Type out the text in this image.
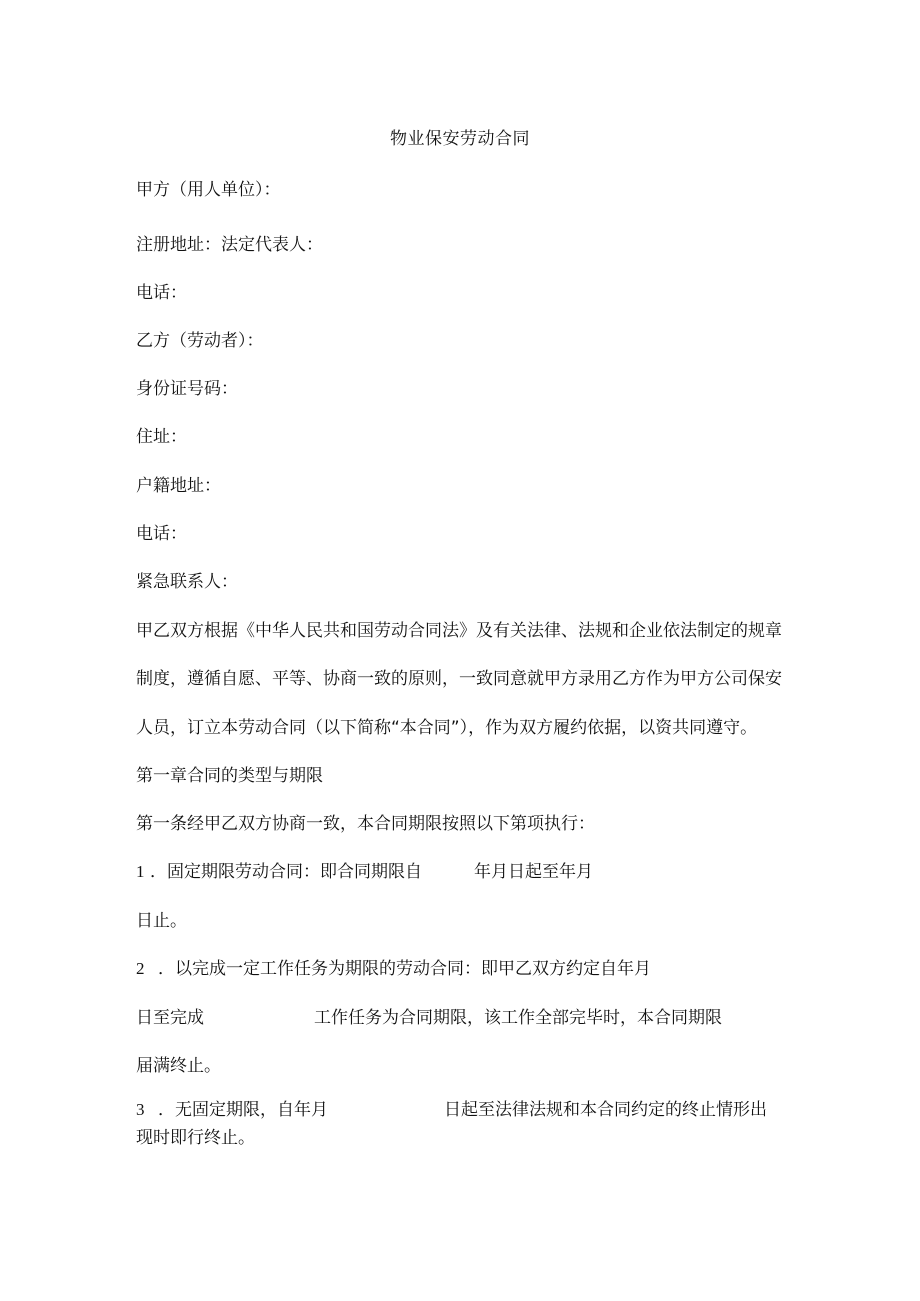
物业保安劳动合同
甲方（用人单位）：
注册地址：法定代表人：
电话：
乙方（劳动者）：
身份证号码：
住址：
户籍地址：
电话：
紧急联系人：
甲乙双方根据《中华人民共和国劳动合同法》及有关法律、法规和企业依法制定的规章
制度，遵循自愿、平等、协商一致的原则，一致同意就甲方录用乙方作为甲方公司保安
人员，订立本劳动合同（以下简称“本合同”），作为双方履约依据，以资共同遵守。
第一章合同的类型与期限
第一条经甲乙双方协商一致，本合同期限按照以下第项执行：
1 ．固定期限劳动合同：即合同期限自	年月日起至年月
日止。
2 ．以完成一定工作任务为期限的劳动合同：即甲乙双方约定自年月
日至完成	工作任务为合同期限，该工作全部完毕时，本合同期限
届满终止。
3 ．无固定期限，自年月	日起至法律法规和本合同约定的终止情形出
现时即行终止。
